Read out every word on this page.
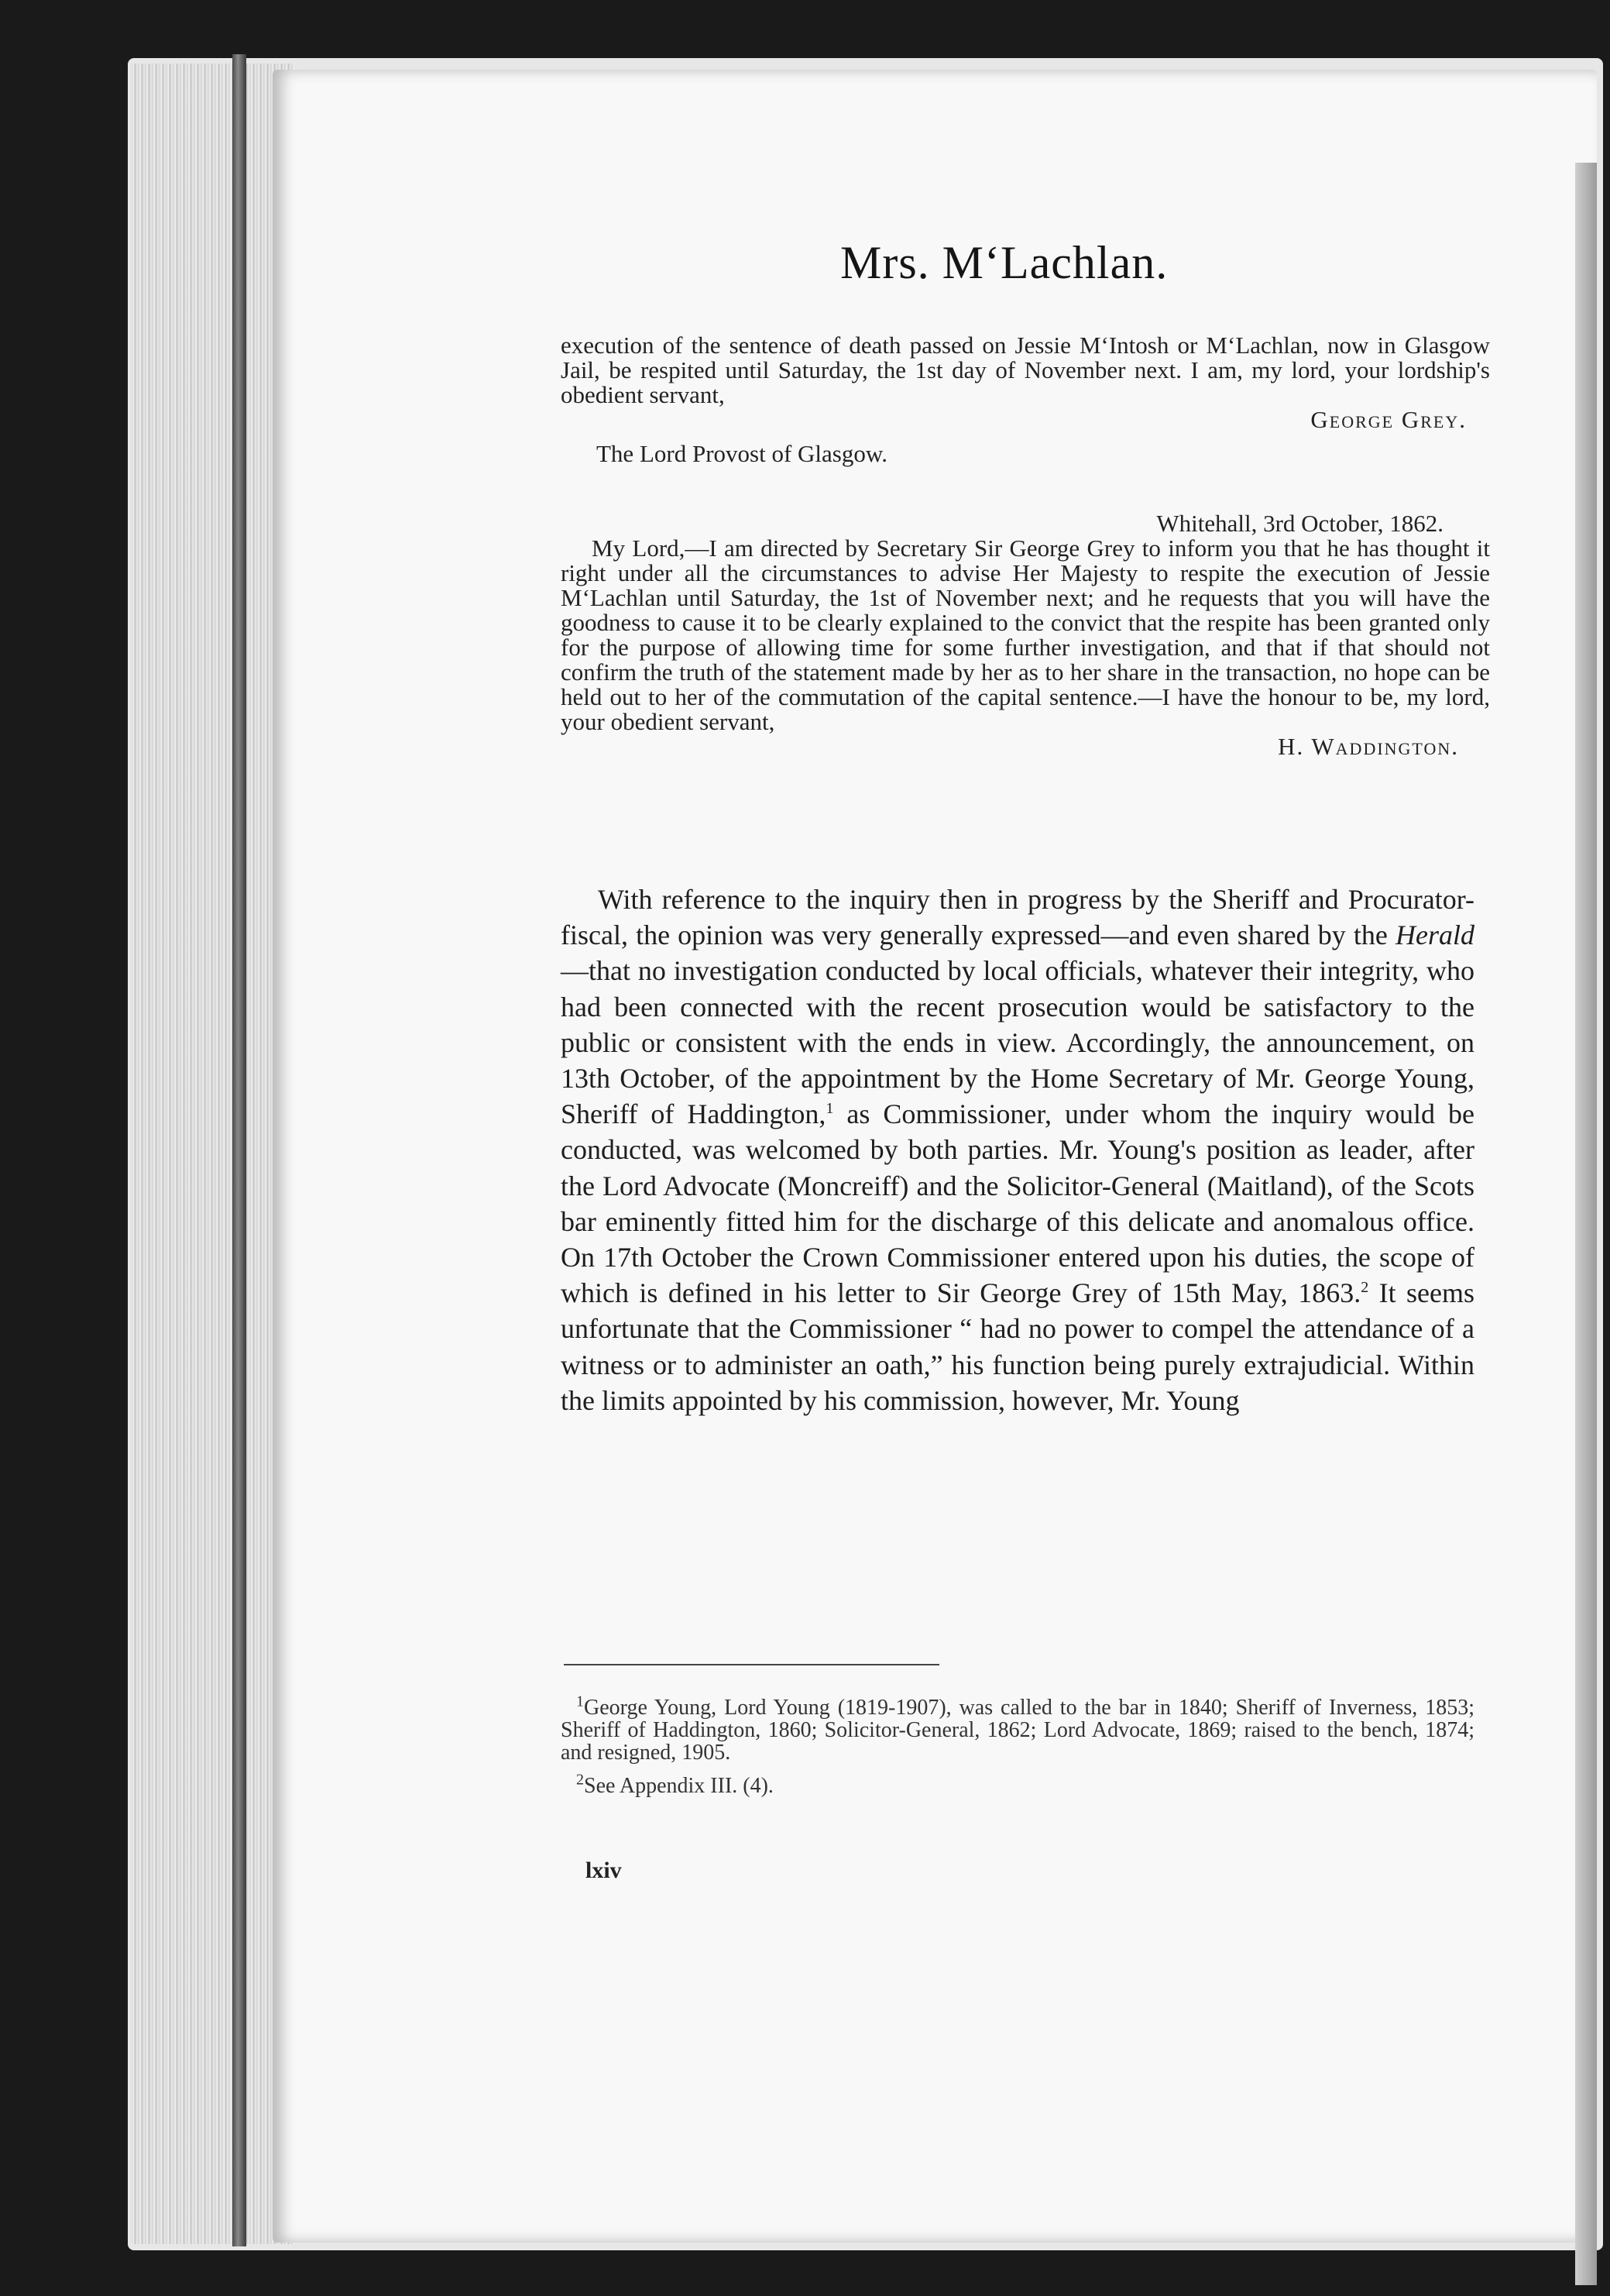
Mrs. M‘Lachlan.

execution of the sentence of death passed on Jessie M‘Intosh or M‘Lachlan, now in Glasgow Jail, be respited until Saturday, the 1st day of November next. I am, my lord, your lordship's obedient servant,

George Grey.

The Lord Provost of Glasgow.

Whitehall, 3rd October, 1862.

My Lord,—I am directed by Secretary Sir George Grey to inform you that he has thought it right under all the circumstances to advise Her Majesty to respite the execution of Jessie M‘Lachlan until Saturday, the 1st of November next; and he requests that you will have the goodness to cause it to be clearly explained to the convict that the respite has been granted only for the purpose of allowing time for some further investigation, and that if that should not confirm the truth of the statement made by her as to her share in the transaction, no hope can be held out to her of the commutation of the capital sentence.—I have the honour to be, my lord, your obedient servant,

H. Waddington.

With reference to the inquiry then in progress by the Sheriff and Procurator-fiscal, the opinion was very generally expressed—and even shared by the Herald—that no investigation conducted by local officials, whatever their integrity, who had been connected with the recent prosecution would be satisfactory to the public or consistent with the ends in view. Accordingly, the announcement, on 13th October, of the appointment by the Home Secretary of Mr. George Young, Sheriff of Haddington,$^1$ as Commissioner, under whom the inquiry would be conducted, was welcomed by both parties. Mr. Young's position as leader, after the Lord Advocate (Moncreiff) and the Solicitor-General (Maitland), of the Scots bar eminently fitted him for the discharge of this delicate and anomalous office. On 17th October the Crown Commissioner entered upon his duties, the scope of which is defined in his letter to Sir George Grey of 15th May, 1863.$^2$ It seems unfortunate that the Commissioner “ had no power to compel the attendance of a witness or to administer an oath,” his function being purely extrajudicial. Within the limits appointed by his commission, however, Mr. Young

$^1$George Young, Lord Young (1819-1907), was called to the bar in 1840; Sheriff of Inverness, 1853; Sheriff of Haddington, 1860; Solicitor-General, 1862; Lord Advocate, 1869; raised to the bench, 1874; and resigned, 1905.

$^2$See Appendix III. (4).

lxiv
